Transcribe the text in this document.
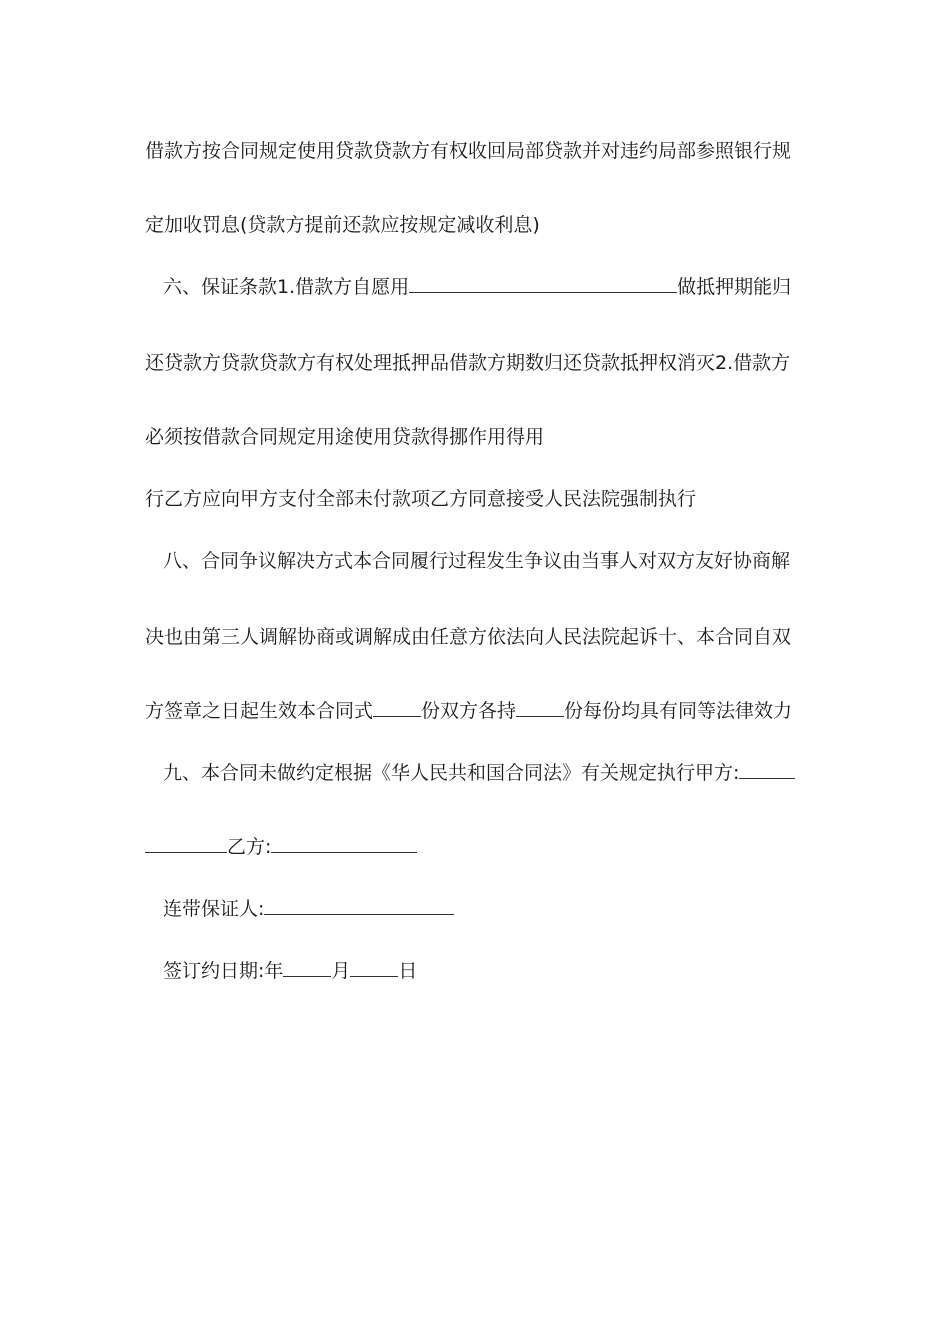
借款方按合同规定使用贷款贷款方有权收回局部贷款并对违约局部参照银行规
定加收罚息(贷款方提前还款应按规定减收利息)
六、保证条款1.借款方自愿用	做抵押期能归
还贷款方贷款贷款方有权处理抵押品借款方期数归还贷款抵押权消灭2.借款方
必须按借款合同规定用途使用贷款得挪作用得用
行乙方应向甲方支付全部未付款项乙方同意接受人民法院强制执行
八、合同争议解决方式本合同履行过程发生争议由当事人对双方友好协商解
决也由第三人调解协商或调解成由任意方依法向人民法院起诉十、本合同自双
方签章之日起生效本合同式	份双方各持	份每份均具有同等法律效力
九、本合同未做约定根据《华人民共和国合同法》有关规定执行甲方:
乙方:
连带保证人:
签订约日期:年	月	日
